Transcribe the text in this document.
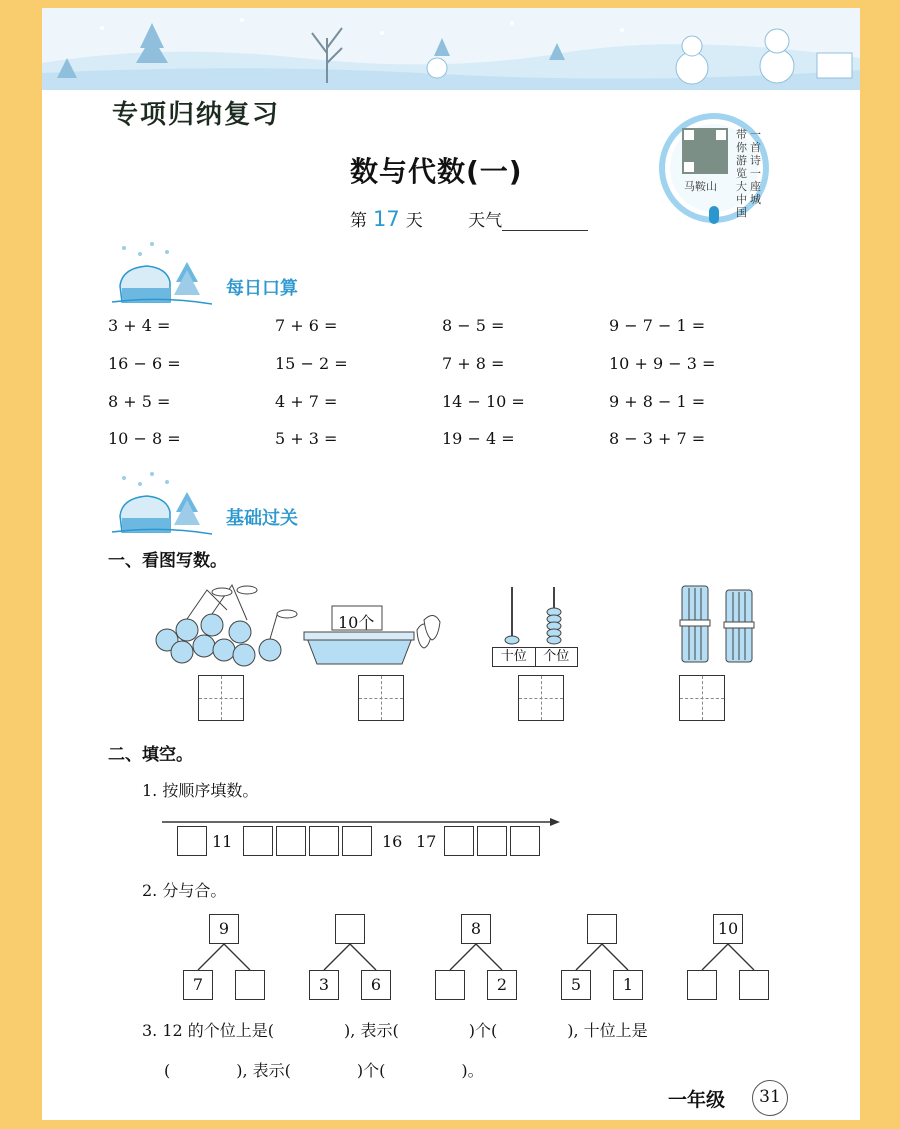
专项归纳复习
马鞍山
一首诗 一座城
带你游览大中国
数与代数(一)
第 17 天	天气
每日口算
3 + 4 =	7 + 6 =	8 − 5 =	9 − 7 − 1 =
16 − 6 =	15 − 2 =	7 + 8 =	10 + 9 − 3 =
8 + 5 =	4 + 7 =	14 − 10 =	9 + 8 − 1 =
10 − 8 =	5 + 3 =	19 − 4 =	8 − 3 + 7 =
基础过关
一、看图写数。
10个
十位	个位
二、填空。
1. 按顺序填数。
11	16 17
2. 分与合。
9
7	3	6
8
2	5	1
10
3. 12 的个位上是(	), 表示(	)个(	), 十位上是
(	), 表示(	)个(	)。
一年级	31
